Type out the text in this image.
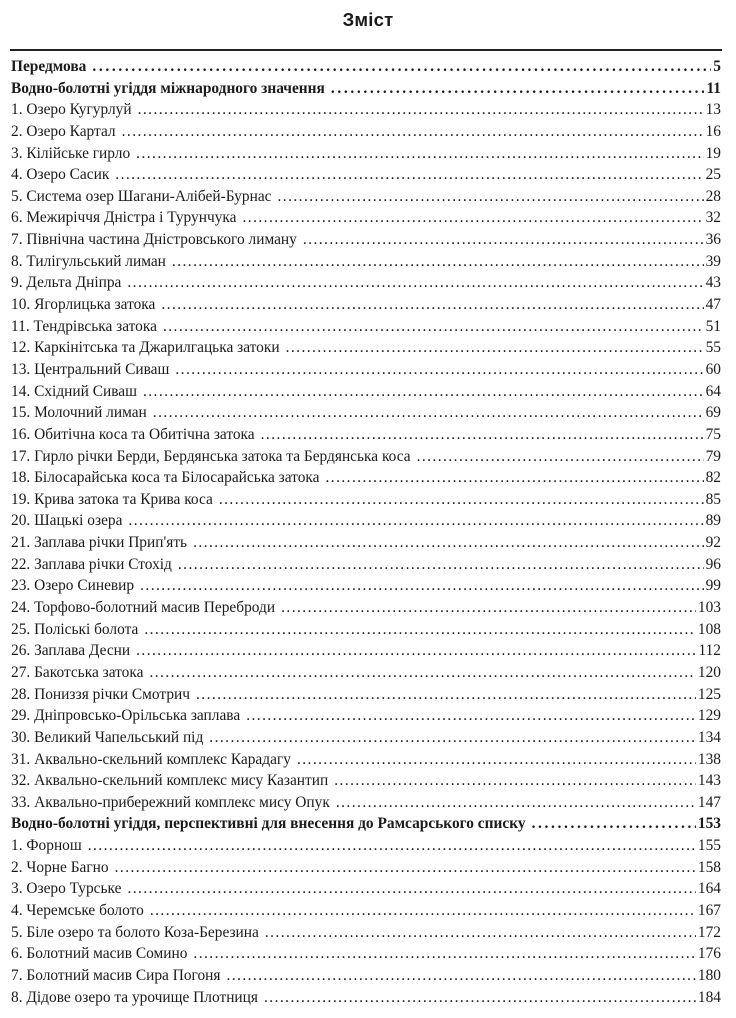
Зміст
Передмова . . .	5
Водно-болотні угіддя міжнародного значення . . .	11
1. Озеро Кугурлуй . . .	13
2. Озеро Картал . . .	16
3. Кілійське гирло . . .	19
4. Озеро Сасик . . .	25
5. Система озер Шагани-Алібей-Бурнас . . .	28
6. Межиріччя Дністра і Турунчука . . .	32
7. Північна частина Дністровського лиману . . .	36
8. Тилігульський лиман . . .	39
9. Дельта Дніпра . . .	43
10. Ягорлицька затока . . .	47
11. Тендрівська затока . . .	51
12. Каркінітська та Джарилгацька затоки . . .	55
13. Центральний Сиваш . . .	60
14. Східний Сиваш . . .	64
15. Молочний лиман . . .	69
16. Обитічна коса та Обитічна затока . . .	75
17. Гирло річки Берди, Бердянська затока та Бердянська коса . . .	79
18. Білосарайська коса та Білосарайська затока . . .	82
19. Крива затока та Крива коса . . .	85
20. Шацькі озера . . .	89
21. Заплава річки Прип'ять . . .	92
22. Заплава річки Стохід . . .	96
23. Озеро Синевир . . .	99
24. Торфово-болотний масив Переброди . . .	103
25. Поліські болота . . .	108
26. Заплава Десни . . .	112
27. Бакотська затока . . .	120
28. Пониззя річки Смотрич . . .	125
29. Дніпровсько-Орільська заплава . . .	129
30. Великий Чапельський під . . .	134
31. Аквально-скельний комплекс Карадагу . . .	138
32. Аквально-скельний комплекс мису Казантип . . .	143
33. Аквально-прибережний комплекс мису Опук . . .	147
Водно-болотні угіддя, перспективні для внесення до Рамсарського списку . . .	153
1. Форнош . . .	155
2. Чорне Багно . . .	158
3. Озеро Турське . . .	164
4. Черемське болото . . .	167
5. Біле озеро та болото Коза-Березина . . .	172
6. Болотний масив Сомино . . .	176
7. Болотний масив Сира Погоня . . .	180
8. Дідове озеро та урочище Плотниця . . .	184
